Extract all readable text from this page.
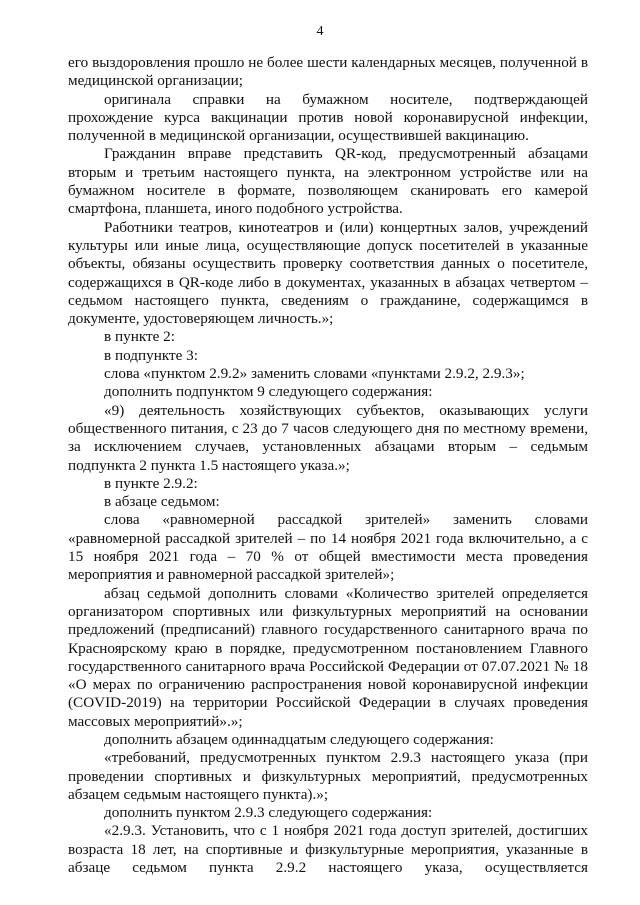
4

его выздоровления прошло не более шести календарных месяцев, полученной в медицинской организации;

оригинала справки на бумажном носителе, подтверждающей прохождение курса вакцинации против новой коронавирусной инфекции, полученной в медицинской организации, осуществившей вакцинацию.

Гражданин вправе представить QR-код, предусмотренный абзацами вторым и третьим настоящего пункта, на электронном устройстве или на бумажном носителе в формате, позволяющем сканировать его камерой смартфона, планшета, иного подобного устройства.

Работники театров, кинотеатров и (или) концертных залов, учреждений культуры или иные лица, осуществляющие допуск посетителей в указанные объекты, обязаны осуществить проверку соответствия данных о посетителе, содержащихся в QR-коде либо в документах, указанных в абзацах четвертом – седьмом настоящего пункта, сведениям о гражданине, содержащимся в документе, удостоверяющем личность.»;

в пункте 2:

в подпункте 3:

слова «пунктом 2.9.2» заменить словами «пунктами 2.9.2, 2.9.3»;

дополнить подпунктом 9 следующего содержания:

«9) деятельность хозяйствующих субъектов, оказывающих услуги общественного питания, с 23 до 7 часов следующего дня по местному времени, за исключением случаев, установленных абзацами вторым – седьмым подпункта 2 пункта 1.5 настоящего указа.»;

в пункте 2.9.2:

в абзаце седьмом:

слова «равномерной рассадкой зрителей» заменить словами «равномерной рассадкой зрителей – по 14 ноября 2021 года включительно, а с 15 ноября 2021 года – 70 % от общей вместимости места проведения мероприятия и равномерной рассадкой зрителей»;

абзац седьмой дополнить словами «Количество зрителей определяется организатором спортивных или физкультурных мероприятий на основании предложений (предписаний) главного государственного санитарного врача по Красноярскому краю в порядке, предусмотренном постановлением Главного государственного санитарного врача Российской Федерации от 07.07.2021 № 18 «О мерах по ограничению распространения новой коронавирусной инфекции (COVID-2019) на территории Российской Федерации в случаях проведения массовых мероприятий».»;

дополнить абзацем одиннадцатым следующего содержания:

«требований, предусмотренных пунктом 2.9.3 настоящего указа (при проведении спортивных и физкультурных мероприятий, предусмотренных абзацем седьмым настоящего пункта).»;

дополнить пунктом 2.9.3 следующего содержания:

«2.9.3. Установить, что с 1 ноября 2021 года доступ зрителей, достигших возраста 18 лет, на спортивные и физкультурные мероприятия, указанные в абзаце седьмом пункта 2.9.2 настоящего указа, осуществляется
